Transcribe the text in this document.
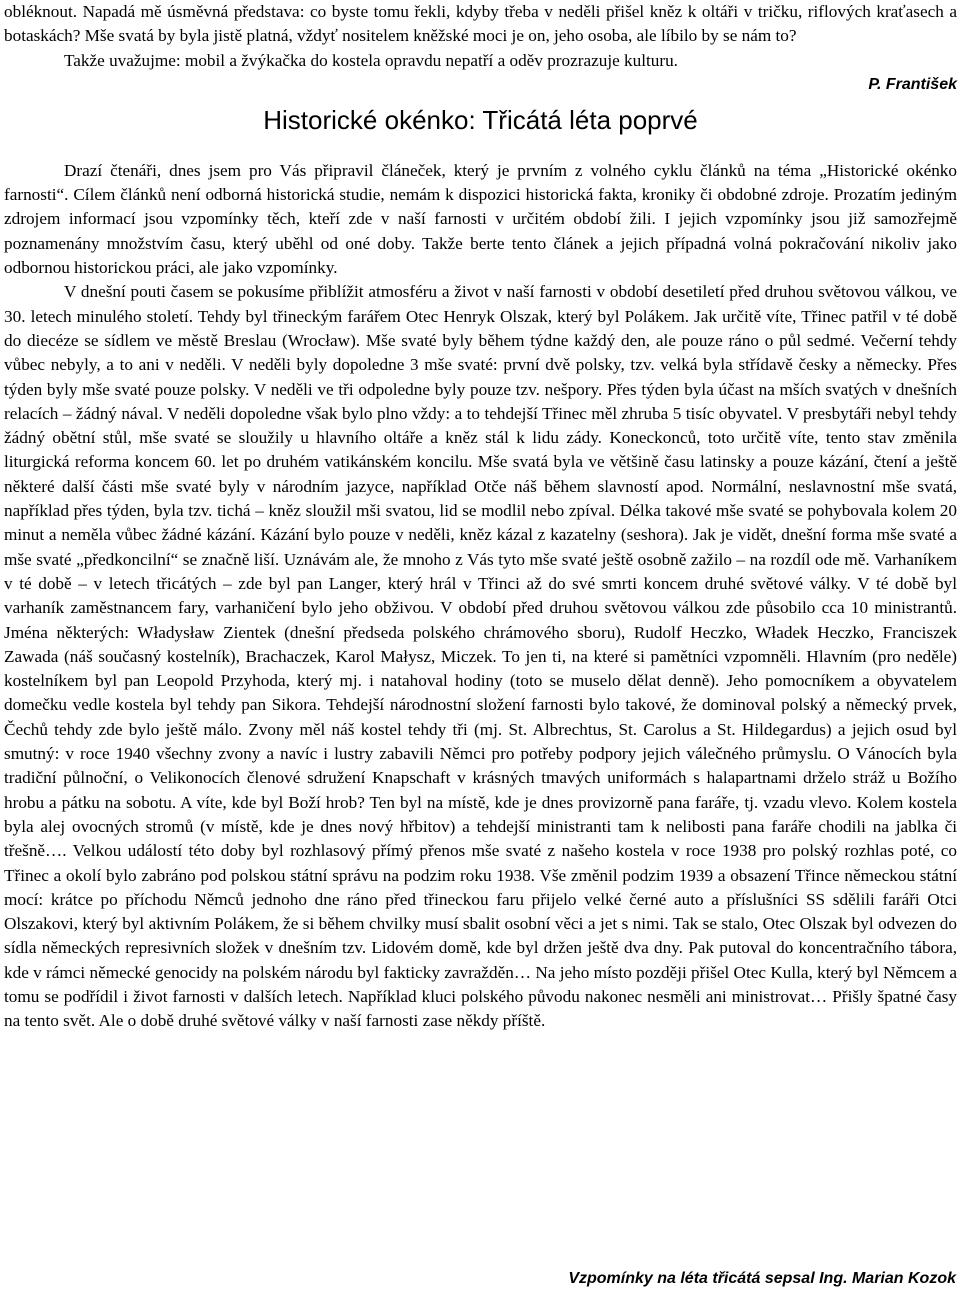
obléknout. Napadá mě úsměvná představa: co byste tomu řekli, kdyby třeba v neděli přišel kněz k oltáři v tričku, riflových kraťasech a botaskách? Mše svatá by byla jistě platná, vždyť nositelem kněžské moci je on, jeho osoba, ale líbilo by se nám to?

Takže uvažujme: mobil a žvýkačka do kostela opravdu nepatří a oděv prozrazuje kulturu.

P. František

Historické okénko: Třicátá léta poprvé

Drazí čtenáři, dnes jsem pro Vás připravil článeček, který je prvním z volného cyklu článků na téma „Historické okénko farnosti“. Cílem článků není odborná historická studie, nemám k dispozici historická fakta, kroniky či obdobné zdroje. Prozatím jediným zdrojem informací jsou vzpomínky těch, kteří zde v naší farnosti v určitém období žili. I jejich vzpomínky jsou již samozřejmě poznamenány množstvím času, který uběhl od oné doby. Takže berte tento článek a jejich případná volná pokračování nikoliv jako odbornou historickou práci, ale jako vzpomínky.

V dnešní pouti časem se pokusíme přiblížit atmosféru a život v naší farnosti v období desetiletí před druhou světovou válkou, ve 30. letech minulého století. Tehdy byl třineckým farářem Otec Henryk Olszak, který byl Polákem. Jak určitě víte, Třinec patřil v té době do diecéze se sídlem ve městě Breslau (Wrocław). Mše svaté byly během týdne každý den, ale pouze ráno o půl sedmé. Večerní tehdy vůbec nebyly, a to ani v neděli. V neděli byly dopoledne 3 mše svaté: první dvě polsky, tzv. velká byla střídavě česky a německy. Přes týden byly mše svaté pouze polsky. V neděli ve tři odpoledne byly pouze tzv. nešpory. Přes týden byla účast na mších svatých v dnešních relacích – žádný nával. V neděli dopoledne však bylo plno vždy: a to tehdejší Třinec měl zhruba 5 tisíc obyvatel. V presbytáři nebyl tehdy žádný obětní stůl, mše svaté se sloužily u hlavního oltáře a kněz stál k lidu zády. Koneckonců, toto určitě víte, tento stav změnila liturgická reforma koncem 60. let po druhém vatikánském koncilu. Mše svatá byla ve většině času latinsky a pouze kázání, čtení a ještě některé další části mše svaté byly v národním jazyce, například Otče náš během slavností apod. Normální, neslavnostní mše svatá, například přes týden, byla tzv. tichá – kněz sloužil mši svatou, lid se modlil nebo zpíval. Délka takové mše svaté se pohybovala kolem 20 minut a neměla vůbec žádné kázání. Kázání bylo pouze v neděli, kněz kázal z kazatelny (seshora). Jak je vidět, dnešní forma mše svaté a mše svaté „předkoncilní“ se značně liší. Uznávám ale, že mnoho z Vás tyto mše svaté ještě osobně zažilo – na rozdíl ode mě. Varhaníkem v té době – v letech třicátých – zde byl pan Langer, který hrál v Třinci až do své smrti koncem druhé světové války. V té době byl varhaník zaměstnancem fary, varhaničení bylo jeho obživou. V období před druhou světovou válkou zde působilo cca 10 ministrantů. Jména některých: Władysław Zientek (dnešní předseda polského chrámového sboru), Rudolf Heczko, Władek Heczko, Franciszek Zawada (náš současný kostelník), Brachaczek, Karol Małysz, Miczek. To jen ti, na které si pamětníci vzpomněli. Hlavním (pro neděle) kostelníkem byl pan Leopold Przyhoda, který mj. i natahoval hodiny (toto se muselo dělat denně). Jeho pomocníkem a obyvatelem domečku vedle kostela byl tehdy pan Sikora. Tehdejší národnostní složení farnosti bylo takové, že dominoval polský a německý prvek, Čechů tehdy zde bylo ještě málo. Zvony měl náš kostel tehdy tři (mj. St. Albrechtus, St. Carolus a St. Hildegardus) a jejich osud byl smutný: v roce 1940 všechny zvony a navíc i lustry zabavili Němci pro potřeby podpory jejich válečného průmyslu. O Vánocích byla tradiční půlnoční, o Velikonocích členové sdružení Knapschaft v krásných tmavých uniformách s halapartnami drželo stráž u Božího hrobu a pátku na sobotu. A víte, kde byl Boží hrob? Ten byl na místě, kde je dnes provizorně pana faráře, tj. vzadu vlevo. Kolem kostela byla alej ovocných stromů (v místě, kde je dnes nový hřbitov) a tehdejší ministranti tam k nelibosti pana faráře chodili na jablka či třešně…. Velkou událostí této doby byl rozhlasový přímý přenos mše svaté z našeho kostela v roce 1938 pro polský rozhlas poté, co Třinec a okolí bylo zabráno pod polskou státní správu na podzim roku 1938. Vše změnil podzim 1939 a obsazení Třince německou státní mocí: krátce po příchodu Němců jednoho dne ráno před třineckou faru přijelo velké černé auto a příslušníci SS sdělili faráři Otci Olszakovi, který byl aktivním Polákem, že si během chvilky musí sbalit osobní věci a jet s nimi. Tak se stalo, Otec Olszak byl odvezen do sídla německých represivních složek v dnešním tzv. Lidovém domě, kde byl držen ještě dva dny. Pak putoval do koncentračního tábora, kde v rámci německé genocidy na polském národu byl fakticky zavražděn… Na jeho místo později přišel Otec Kulla, který byl Němcem a tomu se podřídil i život farnosti v dalších letech. Například kluci polského původu nakonec nesměli ani ministrovat… Přišly špatné časy na tento svět. Ale o době druhé světové války v naší farnosti zase někdy příště.

Vzpomínky na léta třicátá sepsal Ing. Marian Kozok
